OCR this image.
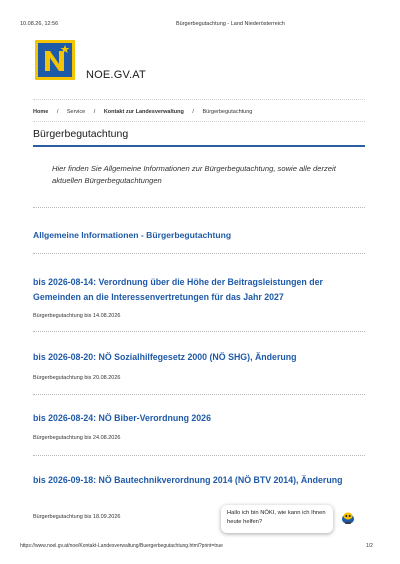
10.08.26, 12:56	Bürgerbegutachtung - Land Niederösterreich
NOE.GV.AT
Home / Service / Kontakt zur Landesverwaltung / Bürgerbegutachtung
Bürgerbegutachtung
Hier finden Sie Allgemeine Informationen zur Bürgerbegutachtung, sowie alle derzeit aktuellen Bürgerbegutachtungen
Allgemeine Informationen - Bürgerbegutachtung
bis 2026-08-14: Verordnung über die Höhe der Beitragsleistungen der Gemeinden an die Interessenvertretungen für das Jahr 2027
Bürgerbegutachtung bis 14.08.2026
bis 2026-08-20: NÖ Sozialhilfegesetz 2000 (NÖ SHG), Änderung
Bürgerbegutachtung bis 20.08.2026
bis 2026-08-24: NÖ Biber-Verordnung 2026
Bürgerbegutachtung bis 24.08.2026
bis 2026-09-18: NÖ Bautechnikverordnung 2014 (NÖ BTV 2014), Änderung
Bürgerbegutachtung bis 18.09.2026
Hallo ich bin NÖKI, wie kann ich Ihnen heute helfen?
https://www.noel.gv.at/noe/Kontakt-Landesverwaltung/Buergerbegutachtung.html?print=true	1/2
